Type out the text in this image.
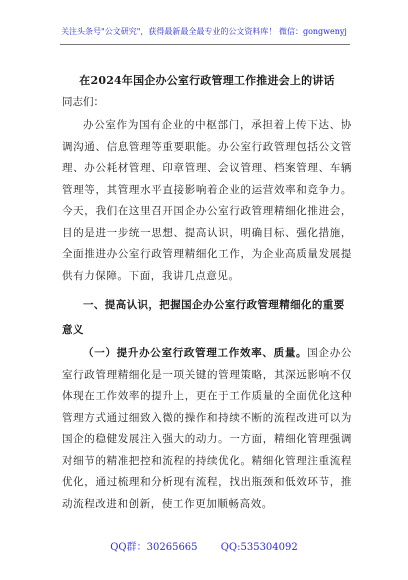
关注头条号"公文研究"，获得最新最全最专业的公文资料库！ 微信：gongwenyj
在2024年国企办公室行政管理工作推进会上的讲话
同志们：

办公室作为国有企业的中枢部门，承担着上传下达、协调沟通、信息管理等重要职能。办公室行政管理包括公文管理、办公耗材管理、印章管理、会议管理、档案管理、车辆管理等，其管理水平直接影响着企业的运营效率和竞争力。今天，我们在这里召开国企办公室行政管理精细化推进会，目的是进一步统一思想、提高认识，明确目标、强化措施，全面推进办公室行政管理精细化工作，为企业高质量发展提供有力保障。下面，我讲几点意见。

一、提高认识，把握国企办公室行政管理精细化的重要意义

（一）提升办公室行政管理工作效率、质量。国企办公室行政管理精细化是一项关键的管理策略，其深远影响不仅体现在工作效率的提升上，更在于工作质量的全面优化这种管理方式通过细致入微的操作和持续不断的流程改进可以为国企的稳健发展注入强大的动力。一方面，精细化管理强调对细节的精准把控和流程的持续优化。精细化管理注重流程优化，通过梳理和分析现有流程，找出瓶颈和低效环节，推动流程改进和创新，使工作更加顺畅高效。

QQ群：30265665 QQ:535304092
